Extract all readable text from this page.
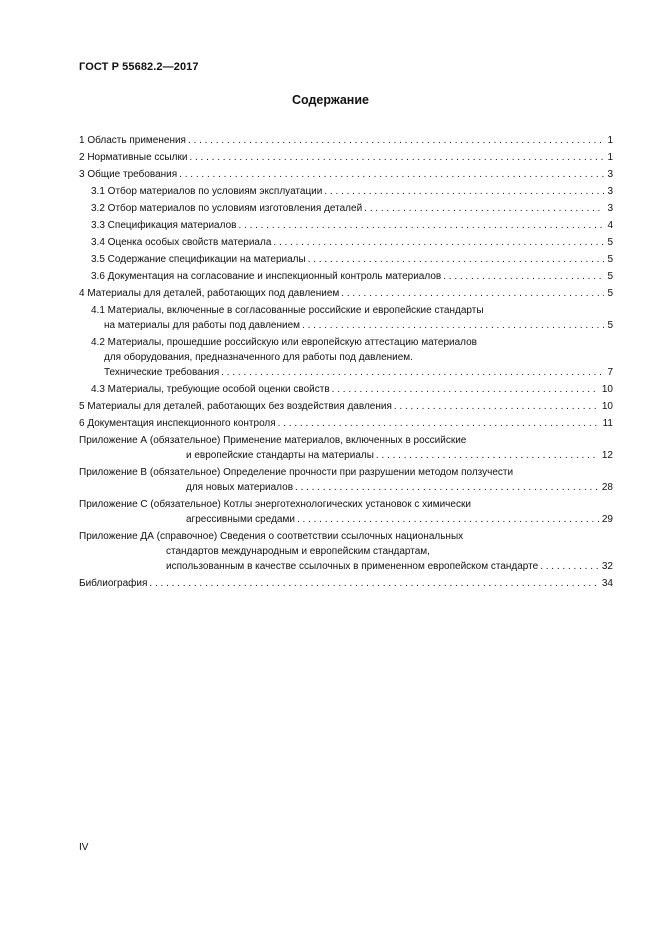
ГОСТ Р 55682.2—2017
Содержание
1 Область применения . . .	1
2 Нормативные ссылки . . .	1
3 Общие требования . . .	3
3.1 Отбор материалов по условиям эксплуатации . . .	3
3.2 Отбор материалов по условиям изготовления деталей . . .	3
3.3 Спецификация материалов . . .	4
3.4 Оценка особых свойств материала . . .	5
3.5 Содержание спецификации на материалы . . .	5
3.6 Документация на согласование и инспекционный контроль материалов . . .	5
4 Материалы для деталей, работающих под давлением . . .	5
4.1 Материалы, включенные в согласованные российские и европейские стандарты
на материалы для работы под давлением . . .	5
4.2 Материалы, прошедшие российскую или европейскую аттестацию материалов
для оборудования, предназначенного для работы под давлением.
Технические требования . . .	7
4.3 Материалы, требующие особой оценки свойств . . .	10
5 Материалы для деталей, работающих без воздействия давления . . .	10
6 Документация инспекционного контроля . . .	11
Приложение А (обязательное) Применение материалов, включенных в российские
и европейские стандарты на материалы . . .	12
Приложение В (обязательное) Определение прочности при разрушении методом ползучести
для новых материалов . . .	28
Приложение С (обязательное) Котлы энерготехнологических установок с химически
агрессивными средами . . .	29
Приложение ДА (справочное) Сведения о соответствии ссылочных национальных
стандартов международным и европейским стандартам,
использованным в качестве ссылочных в примененном европейском стандарте . . .	32
Библиография . . .	34
IV
